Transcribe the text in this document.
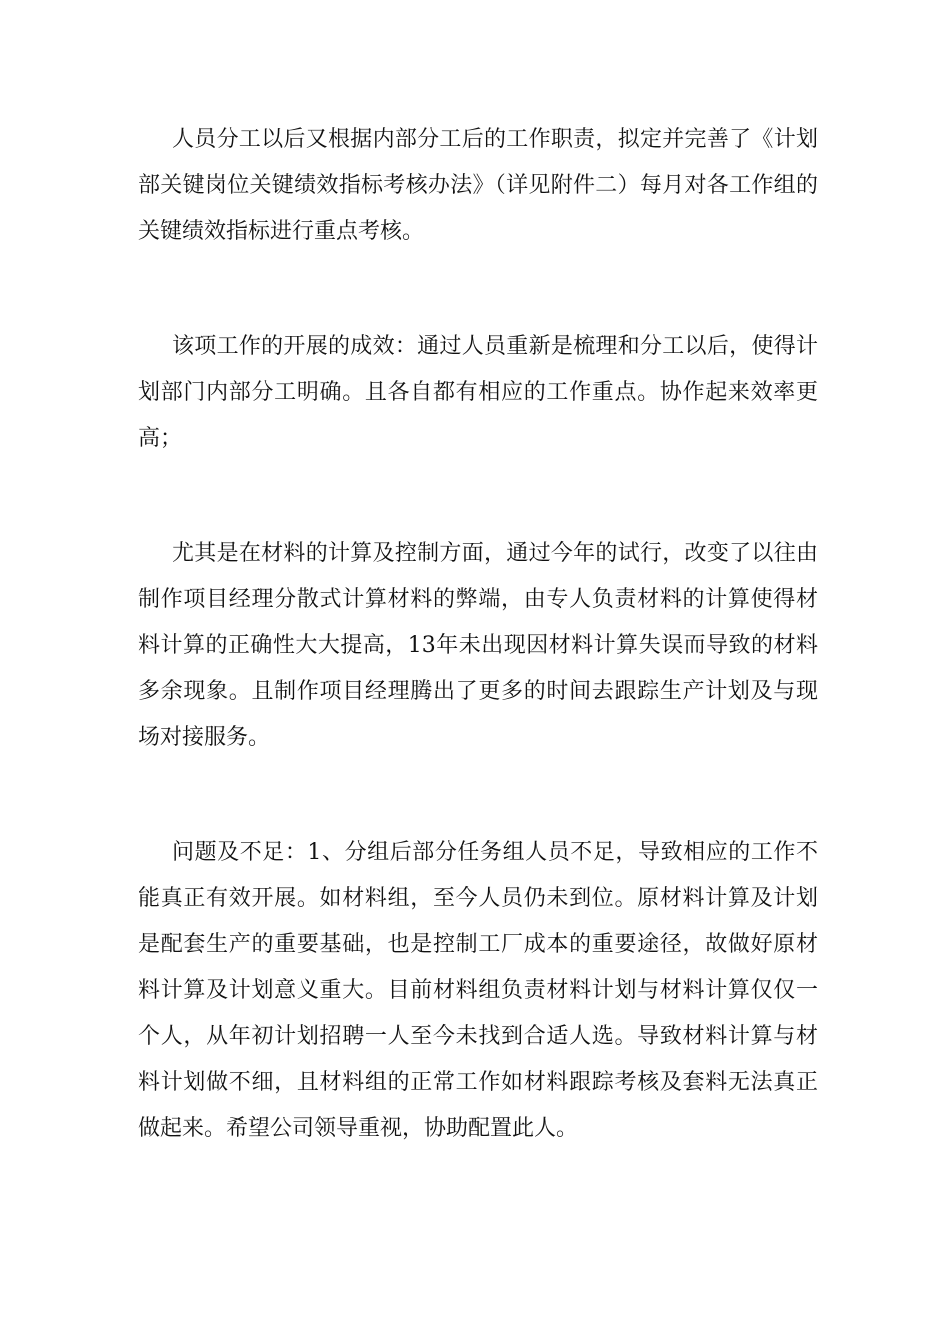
人员分工以后又根据内部分工后的工作职责，拟定并完善了《计划部关键岗位关键绩效指标考核办法》（详见附件二）每月对各工作组的关键绩效指标进行重点考核。

该项工作的开展的成效：通过人员重新是梳理和分工以后，使得计划部门内部分工明确。且各自都有相应的工作重点。协作起来效率更高；

尤其是在材料的计算及控制方面，通过今年的试行，改变了以往由制作项目经理分散式计算材料的弊端，由专人负责材料的计算使得材料计算的正确性大大提高，13年未出现因材料计算失误而导致的材料多余现象。且制作项目经理腾出了更多的时间去跟踪生产计划及与现场对接服务。

问题及不足：1、分组后部分任务组人员不足，导致相应的工作不能真正有效开展。如材料组，至今人员仍未到位。原材料计算及计划是配套生产的重要基础，也是控制工厂成本的重要途径，故做好原材料计算及计划意义重大。目前材料组负责材料计划与材料计算仅仅一个人，从年初计划招聘一人至今未找到合适人选。导致材料计算与材料计划做不细，且材料组的正常工作如材料跟踪考核及套料无法真正做起来。希望公司领导重视，协助配置此人。
